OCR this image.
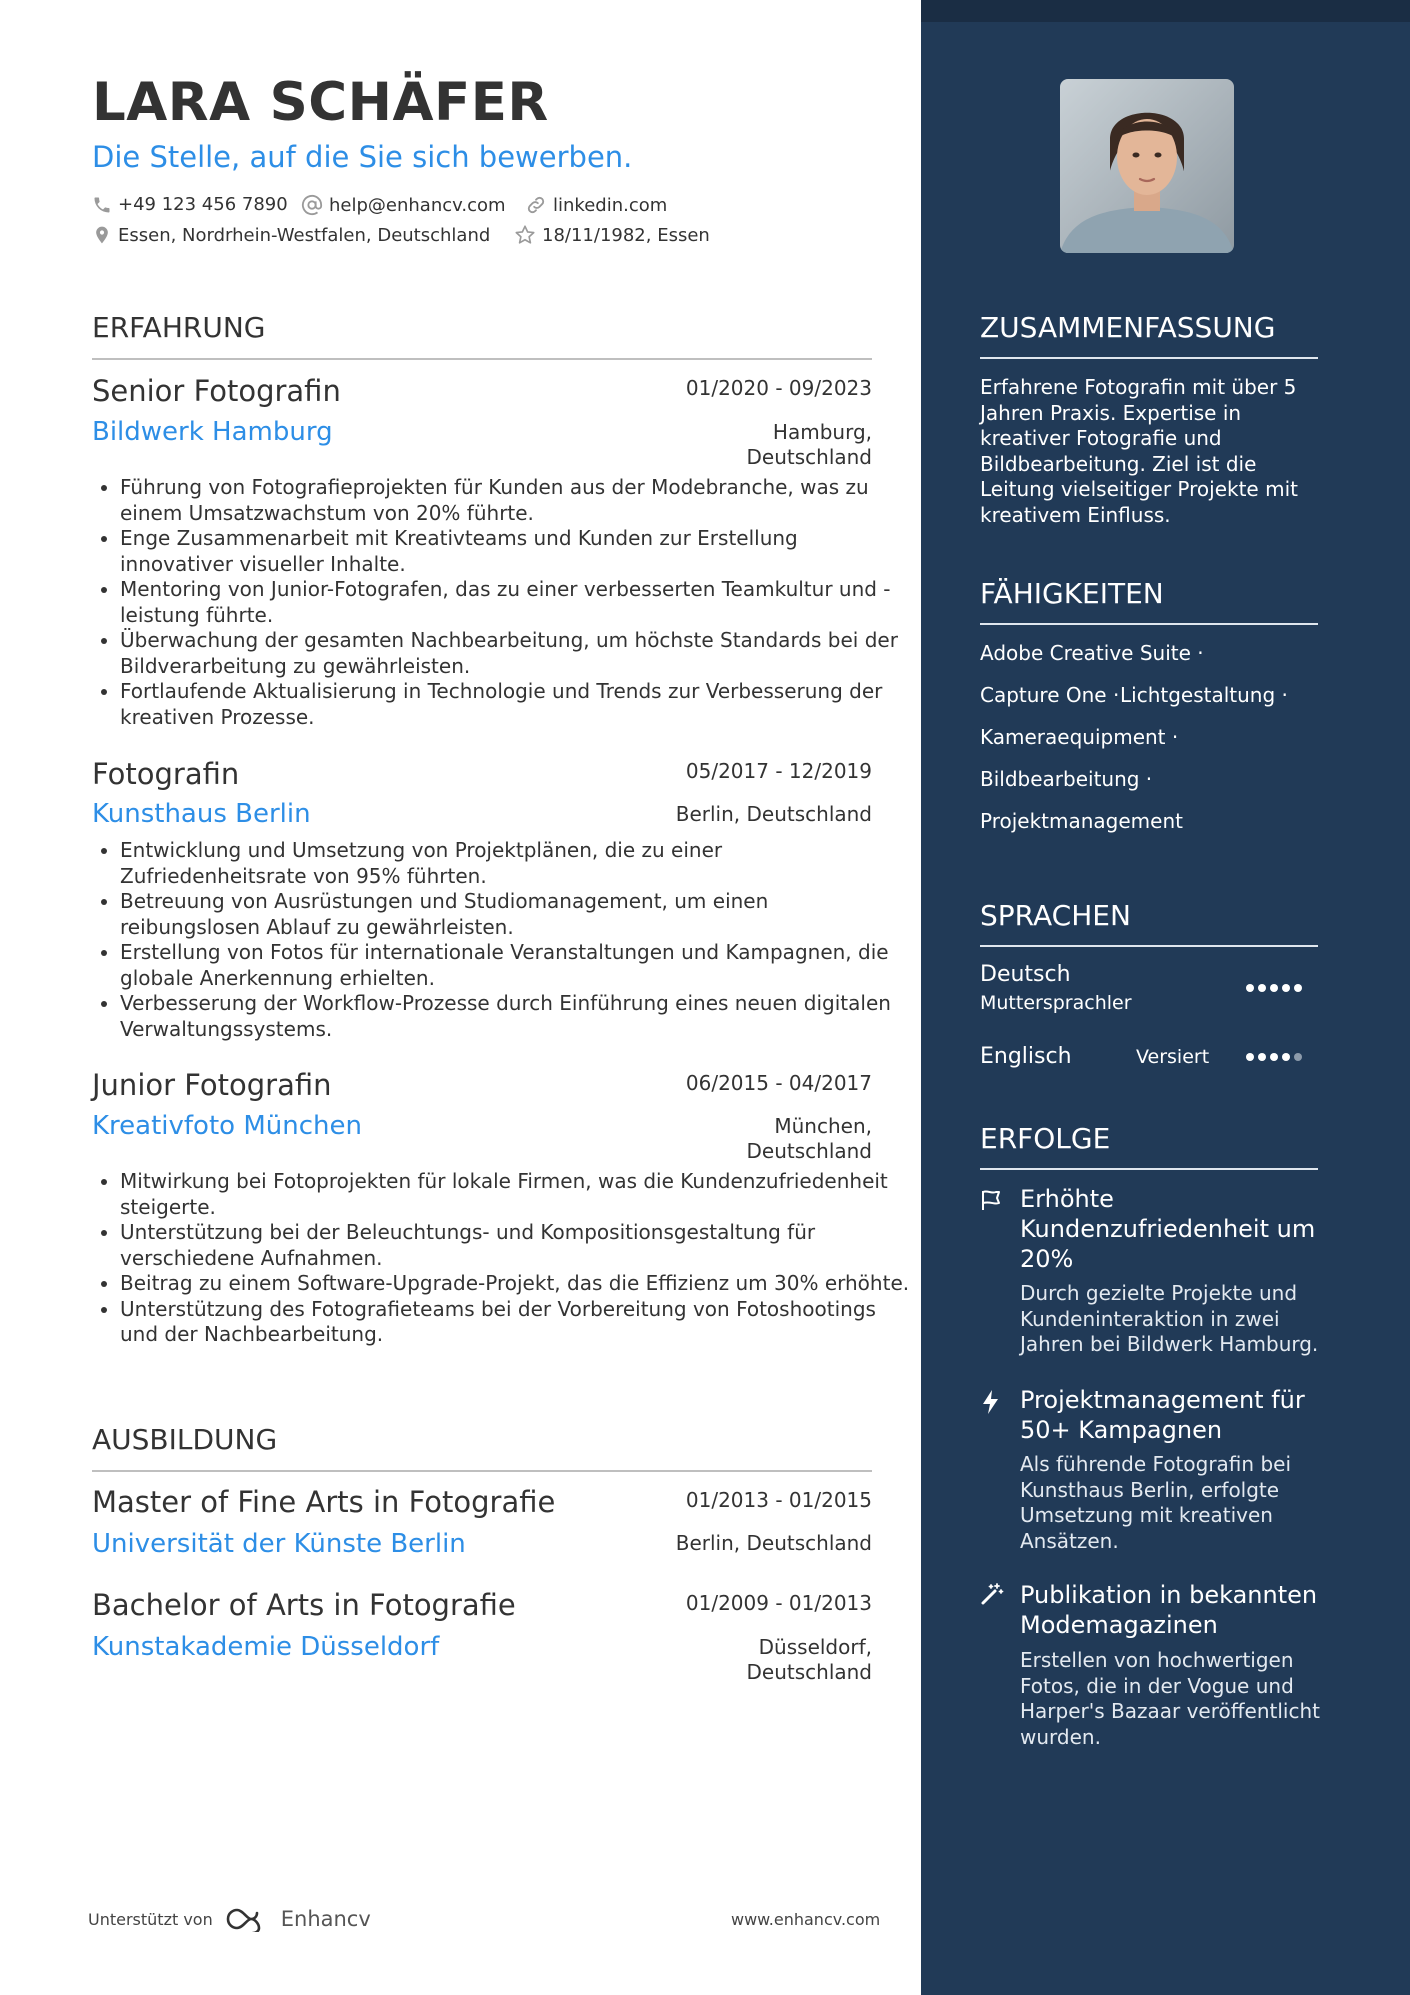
LARA SCHÄFER
Die Stelle, auf die Sie sich bewerben.
+49 123 456 7890 help@enhancv.com	linkedin.com
Essen, Nordrhein-Westfalen, Deutschland	18/11/1982, Essen
ERFAHRUNG
Senior Fotografin	01/2020 - 09/2023
Bildwerk Hamburg	Hamburg,
Deutschland
• Führung von Fotografieprojekten für Kunden aus der Modebranche, was zu einem Umsatzwachstum von 20% führte.
• Enge Zusammenarbeit mit Kreativteams und Kunden zur Erstellung innovativer visueller Inhalte.
• Mentoring von Junior-Fotografen, das zu einer verbesserten Teamkultur und -leistung führte.
• Überwachung der gesamten Nachbearbeitung, um höchste Standards bei der Bildverarbeitung zu gewährleisten.
• Fortlaufende Aktualisierung in Technologie und Trends zur Verbesserung der kreativen Prozesse.
Fotografin	05/2017 - 12/2019
Kunsthaus Berlin	Berlin, Deutschland
• Entwicklung und Umsetzung von Projektplänen, die zu einer Zufriedenheitsrate von 95% führten.
• Betreuung von Ausrüstungen und Studiomanagement, um einen reibungslosen Ablauf zu gewährleisten.
• Erstellung von Fotos für internationale Veranstaltungen und Kampagnen, die globale Anerkennung erhielten.
• Verbesserung der Workflow-Prozesse durch Einführung eines neuen digitalen Verwaltungssystems.
Junior Fotografin	06/2015 - 04/2017
Kreativfoto München	München,
Deutschland
• Mitwirkung bei Fotoprojekten für lokale Firmen, was die Kundenzufriedenheit steigerte.
• Unterstützung bei der Beleuchtungs- und Kompositionsgestaltung für verschiedene Aufnahmen.
• Beitrag zu einem Software-Upgrade-Projekt, das die Effizienz um 30% erhöhte.
• Unterstützung des Fotografieteams bei der Vorbereitung von Fotoshootings und der Nachbearbeitung.
AUSBILDUNG
Master of Fine Arts in Fotografie	01/2013 - 01/2015
Universität der Künste Berlin	Berlin, Deutschland
Bachelor of Arts in Fotografie	01/2009 - 01/2013
Kunstakademie Düsseldorf	Düsseldorf,
Deutschland
Unterstützt von	Enhancv	www.enhancv.com
ZUSAMMENFASSUNG
Erfahrene Fotografin mit über 5 Jahren Praxis. Expertise in kreativer Fotografie und Bildbearbeitung. Ziel ist die Leitung vielseitiger Projekte mit kreativem Einfluss.
FÄHIGKEITEN
Adobe Creative Suite ·
Capture One · Lichtgestaltung ·
Kameraequipment ·
Bildbearbeitung ·
Projektmanagement
SPRACHEN
Deutsch
Muttersprachler
Englisch	Versiert
ERFOLGE
Erhöhte Kundenzufriedenheit um 20%
Durch gezielte Projekte und Kundeninteraktion in zwei Jahren bei Bildwerk Hamburg.
Projektmanagement für 50+ Kampagnen
Als führende Fotografin bei Kunsthaus Berlin, erfolgte Umsetzung mit kreativen Ansätzen.
Publikation in bekannten Modemagazinen
Erstellen von hochwertigen Fotos, die in der Vogue und Harper's Bazaar veröffentlicht wurden.
